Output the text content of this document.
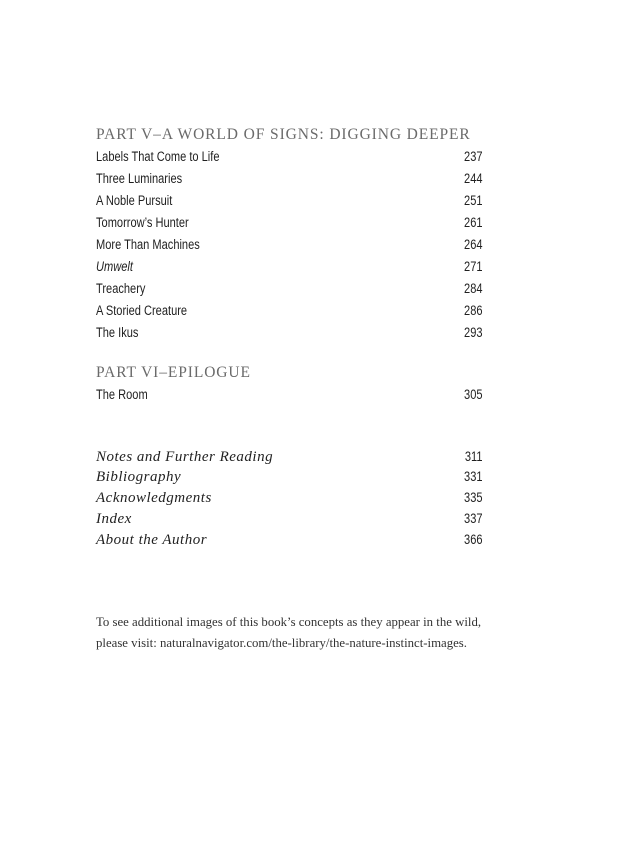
PART V–A WORLD OF SIGNS: DIGGING DEEPER
Labels That Come to Life	237
Three Luminaries	244
A Noble Pursuit	251
Tomorrow’s Hunter	261
More Than Machines	264
Umwelt	271
Treachery	284
A Storied Creature	286
The Ikus	293
PART VI–EPILOGUE
The Room	305
Notes and Further Reading	311
Bibliography	331
Acknowledgments	335
Index	337
About the Author	366

To see additional images of this book’s concepts as they appear in the wild,

please visit: naturalnavigator.com/the-library/the-nature-instinct-images.
